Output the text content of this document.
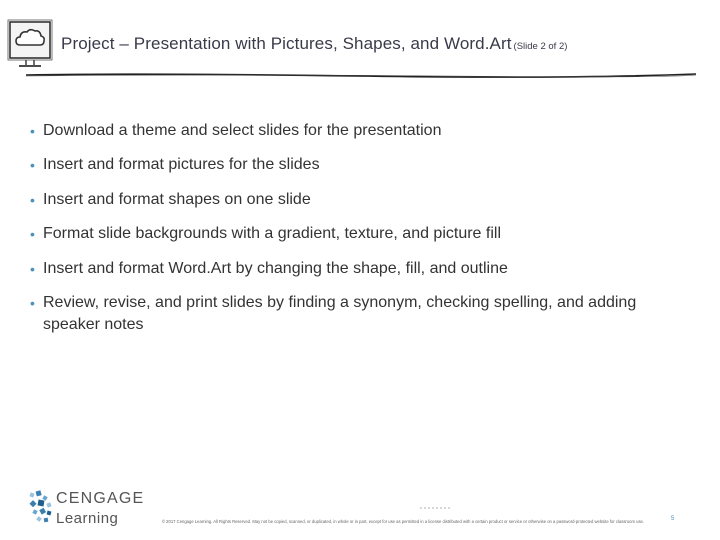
Project – Presentation with Pictures, Shapes, and Word.Art (Slide 2 of 2)
• Download a theme and select slides for the presentation
• Insert and format pictures for the slides
• Insert and format shapes on one slide
• Format slide backgrounds with a gradient, texture, and picture fill
• Insert and format Word.Art by changing the shape, fill, and outline
• Review, revise, and print slides by finding a synonym, checking spelling, and adding speaker notes
CENGAGE
Learning	© 2017 Cengage Learning. All Rights Reserved. May not be copied, scanned, or duplicated, in whole or in part, except for use as permitted in a license distributed with a certain product or service or otherwise on a password-protected website for classroom use.	5
